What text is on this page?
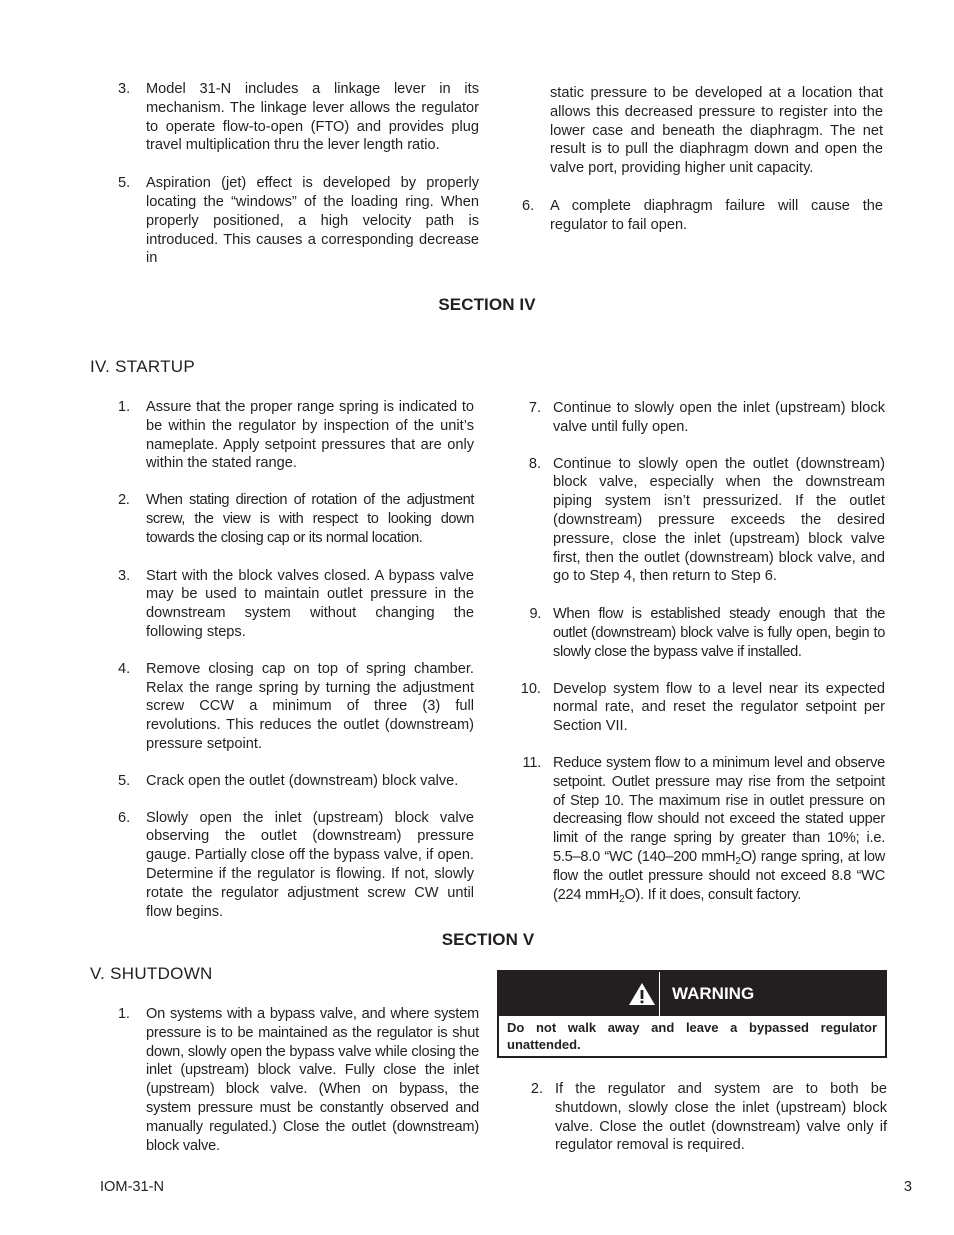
3.	Model 31-N includes a linkage lever in its mechanism. The linkage lever allows the regulator to operate flow-to-open (FTO) and provides plug travel multiplication thru the lever length ratio.
5.	Aspiration (jet) effect is developed by properly locating the “windows” of the loading ring. When properly positioned, a high velocity path is introduced. This causes a corresponding decrease in
static pressure to be developed at a location that allows this decreased pressure to register into the lower case and beneath the diaphragm. The net result is to pull the diaphragm down and open the valve port, providing higher unit capacity.
6.	A complete diaphragm failure will cause the regulator to fail open.
SECTION IV
IV. STARTUP
1.	Assure that the proper range spring is indicated to be within the regulator by inspection of the unit’s nameplate. Apply setpoint pressures that are only within the stated range.
2.	When stating direction of rotation of the adjustment screw, the view is with respect to looking down towards the closing cap or its normal location.
3.	Start with the block valves closed. A bypass valve may be used to maintain outlet pressure in the downstream system without changing the following steps.
4.	Remove closing cap on top of spring chamber. Relax the range spring by turning the adjustment screw CCW a minimum of three (3) full revolutions. This reduces the outlet (downstream) pressure setpoint.
5.	Crack open the outlet (downstream) block valve.
6.	Slowly open the inlet (upstream) block valve observing the outlet (downstream) pressure gauge. Partially close off the bypass valve, if open. Determine if the regulator is flowing. If not, slowly rotate the regulator adjustment screw CW until flow begins.
7. Continue to slowly open the inlet (upstream) block valve until fully open.
8. Continue to slowly open the outlet (downstream) block valve, especially when the downstream piping system isn’t pressurized. If the outlet (downstream) pressure exceeds the desired pressure, close the inlet (upstream) block valve first, then the outlet (downstream) block valve, and go to Step 4, then return to Step 6.
9. When flow is established steady enough that the outlet (downstream) block valve is fully open, begin to slowly close the bypass valve if installed.
10. Develop system flow to a level near its expected normal rate, and reset the regulator setpoint per Section VII.
11. Reduce system flow to a minimum level and observe setpoint. Outlet pressure may rise from the setpoint of Step 10. The maximum rise in outlet pressure on decreasing flow should not exceed the stated upper limit of the range spring by greater than 10%; i.e. 5.5–8.0 “WC (140–200 mmH$_2$O) range spring, at low flow the outlet pressure should not exceed 8.8 “WC (224 mmH$_2$O). If it does, consult factory.
SECTION V
V. SHUTDOWN
1.	On systems with a bypass valve, and where system pressure is to be maintained as the regulator is shut down, slowly open the bypass valve while closing the inlet (upstream) block valve. Fully close the inlet (upstream) block valve. (When on bypass, the system pressure must be constantly observed and manually regulated.) Close the outlet (downstream) block valve.
WARNING
Do not walk away and leave a bypassed regulator unattended.
2. If the regulator and system are to both be shutdown, slowly close the inlet (upstream) block valve. Close the outlet (downstream) valve only if regulator removal is required.
IOM-31-N	3
